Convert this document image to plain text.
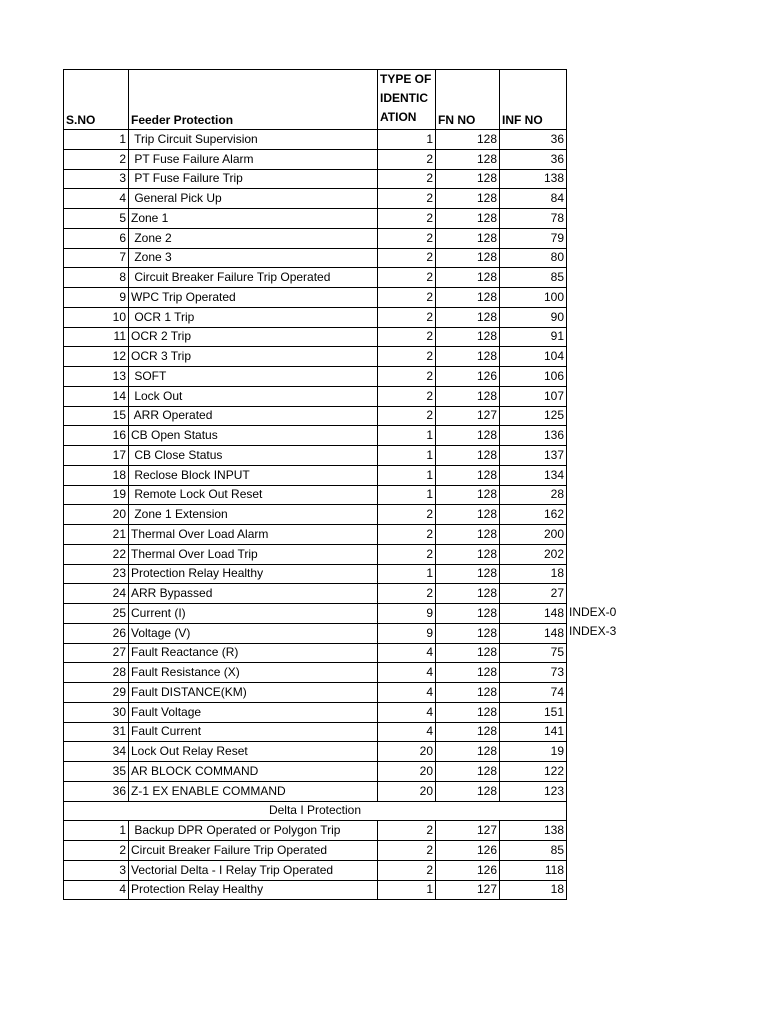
S.NO	Feeder Protection	TYPE OF IDENTIC ATION	FN NO	INF NO	
1	Trip Circuit Supervision	1	128	36	
2	PT Fuse Failure Alarm	2	128	36	
3	PT Fuse Failure Trip	2	128	138	
4	General Pick Up	2	128	84	
5	Zone 1	2	128	78	
6	Zone 2	2	128	79	
7	Zone 3	2	128	80	
8	Circuit Breaker Failure Trip Operated	2	128	85	
9	WPC Trip Operated	2	128	100	
10	OCR 1 Trip	2	128	90	
11	OCR 2 Trip	2	128	91	
12	OCR 3 Trip	2	128	104	
13	SOFT	2	126	106	
14	Lock Out	2	128	107	
15	ARR Operated	2	127	125	
16	CB Open Status	1	128	136	
17	CB Close Status	1	128	137	
18	Reclose Block INPUT	1	128	134	
19	Remote Lock Out Reset	1	128	28	
20	Zone 1 Extension	2	128	162	
21	Thermal Over Load Alarm	2	128	200	
22	Thermal Over Load Trip	2	128	202	
23	Protection Relay Healthy	1	128	18	
24	ARR Bypassed	2	128	27	
25	Current (I)	9	128	148	INDEX-0

26	Voltage (V)	9	128	148	INDEX-3

27	Fault Reactance (R)	4	128	75	
28	Fault Resistance (X)	4	128	73	
29	Fault DISTANCE(KM)	4	128	74	
30	Fault Voltage	4	128	151	
31	Fault Current	4	128	141	
34	Lock Out Relay Reset	20	128	19	
35	AR BLOCK COMMAND	20	128	122	
36	Z-1 EX ENABLE COMMAND	20	128	123	
Delta I Protection					
1	Backup DPR Operated or Polygon Trip	2	127	138	
2	Circuit Breaker Failure Trip Operated	2	126	85	
3	Vectorial Delta - I Relay Trip Operated	2	126	118	
4	Protection Relay Healthy	1	127	18	
